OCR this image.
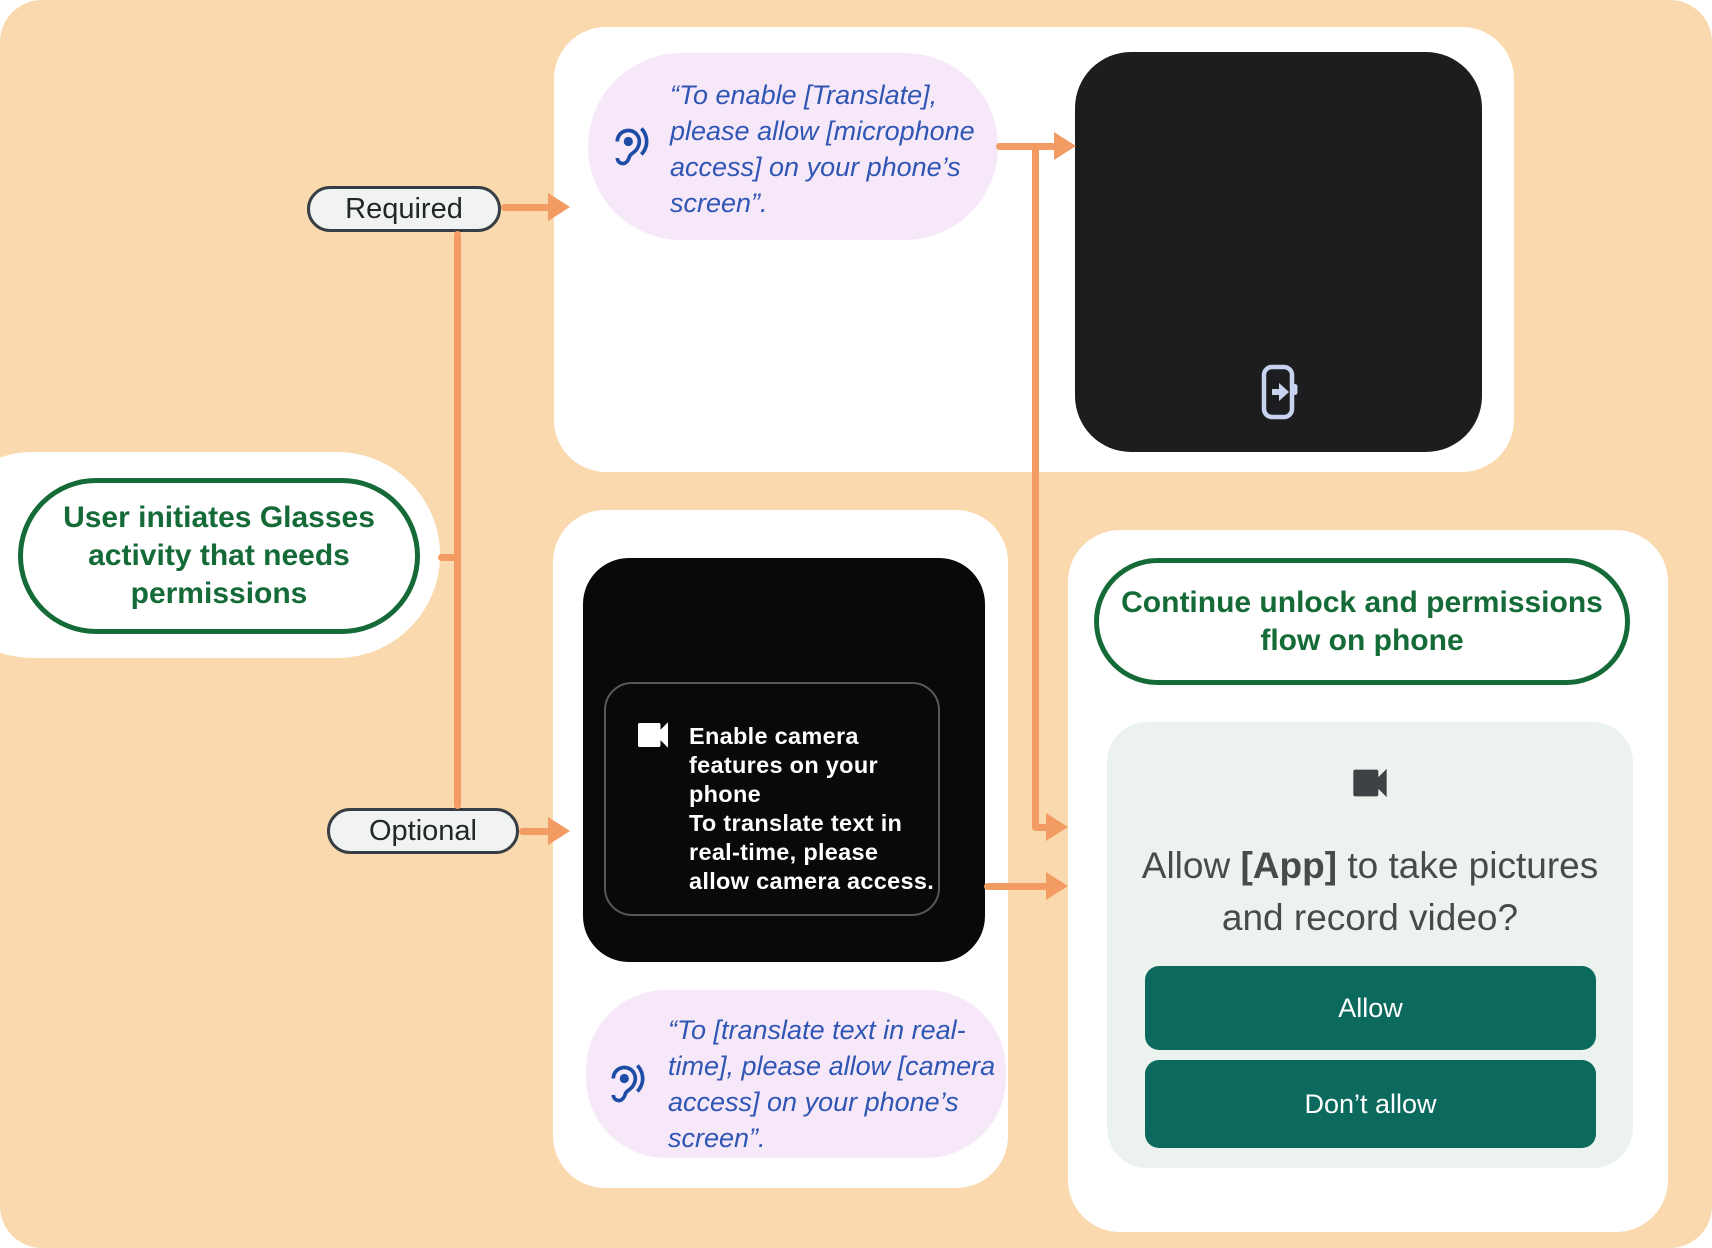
User initiates Glasses
activity that needs
permissions
Required
Optional
“To enable [Translate],
please allow [microphone
access] on your phone’s
screen”.
Enable camera
features on your
phone
To translate text in
real-time, please
allow camera access.
“To [translate text in real-
time], please allow [camera
access] on your phone’s
screen”.
Continue unlock and permissions
flow on phone
Allow [App] to take pictures
and record video?
Allow
Don’t allow
